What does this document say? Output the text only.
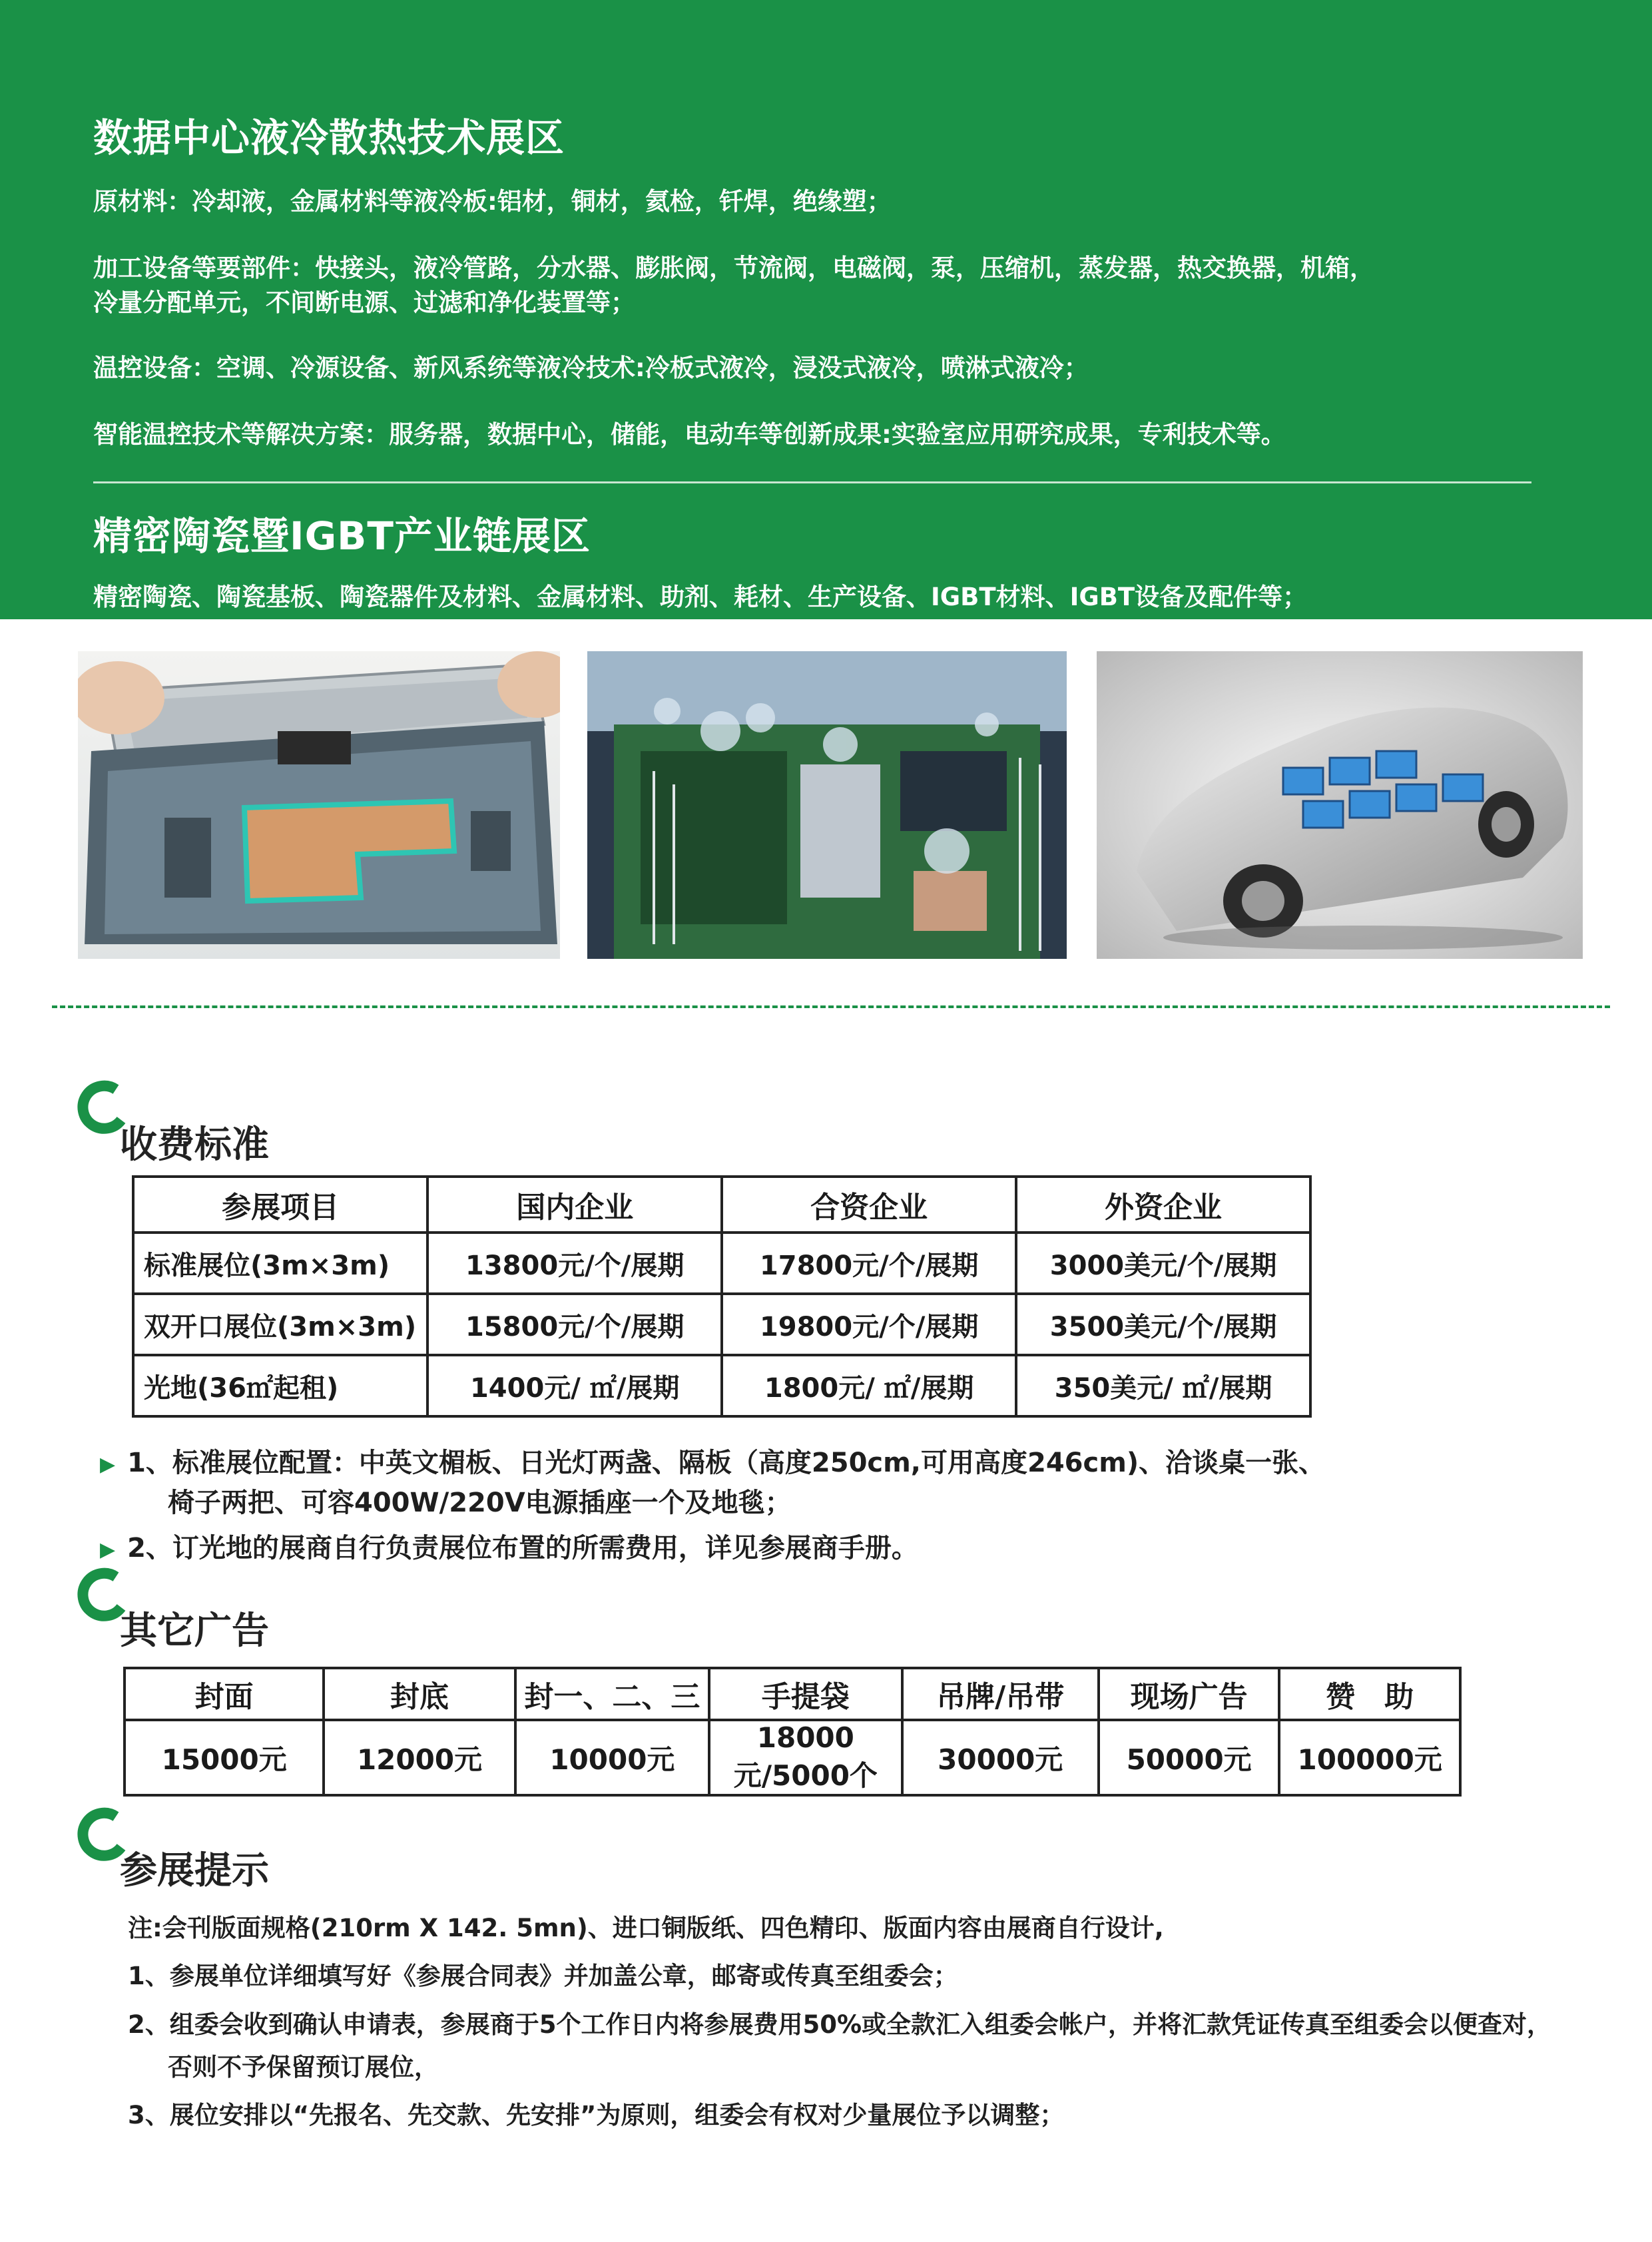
数据中心液冷散热技术展区
原材料：冷却液，金属材料等液冷板:铝材，铜材，氦检，钎焊，绝缘塑；
加工设备等要部件：快接头，液冷管路，分水器、膨胀阀，节流阀，电磁阀，泵，压缩机，蒸发器，热交换器，机箱，
冷量分配单元，不间断电源、过滤和净化装置等；
温控设备：空调、冷源设备、新风系统等液冷技术:冷板式液冷，浸没式液冷，喷淋式液冷；
智能温控技术等解决方案：服务器，数据中心，储能，电动车等创新成果:实验室应用研究成果，专利技术等。
精密陶瓷暨IGBT产业链展区
精密陶瓷、陶瓷基板、陶瓷器件及材料、金属材料、助剂、耗材、生产设备、IGBT材料、IGBT设备及配件等；
收费标准
参展项目	国内企业	合资企业	外资企业
标准展位(3m×3m)	13800元/个/展期	17800元/个/展期	3000美元/个/展期
双开口展位(3m×3m)	15800元/个/展期	19800元/个/展期	3500美元/个/展期
光地(36㎡起租)	1400元/ ㎡/展期	1800元/ ㎡/展期	350美元/ ㎡/展期
▶ 1、标准展位配置：中英文楣板、日光灯两盏、隔板（高度250cm,可用高度246cm)、洽谈桌一张、
椅子两把、可容400W/220V电源插座一个及地毯；
▶ 2、订光地的展商自行负责展位布置的所需费用，详见参展商手册。
其它广告
封面	封底	封一、二、三	手提袋	吊牌/吊带	现场广告	赞　助
15000元	12000元	10000元	18000元/5000个	30000元	50000元	100000元
参展提示
注:会刊版面规格(210rm X 142. 5mn)、进口铜版纸、四色精印、版面内容由展商自行设计,
1、参展单位详细填写好《参展合同表》并加盖公章，邮寄或传真至组委会；
2、组委会收到确认申请表，参展商于5个工作日内将参展费用50%或全款汇入组委会帐户，并将汇款凭证传真至组委会以便查对，
否则不予保留预订展位，
3、展位安排以“先报名、先交款、先安排”为原则，组委会有权对少量展位予以调整；
